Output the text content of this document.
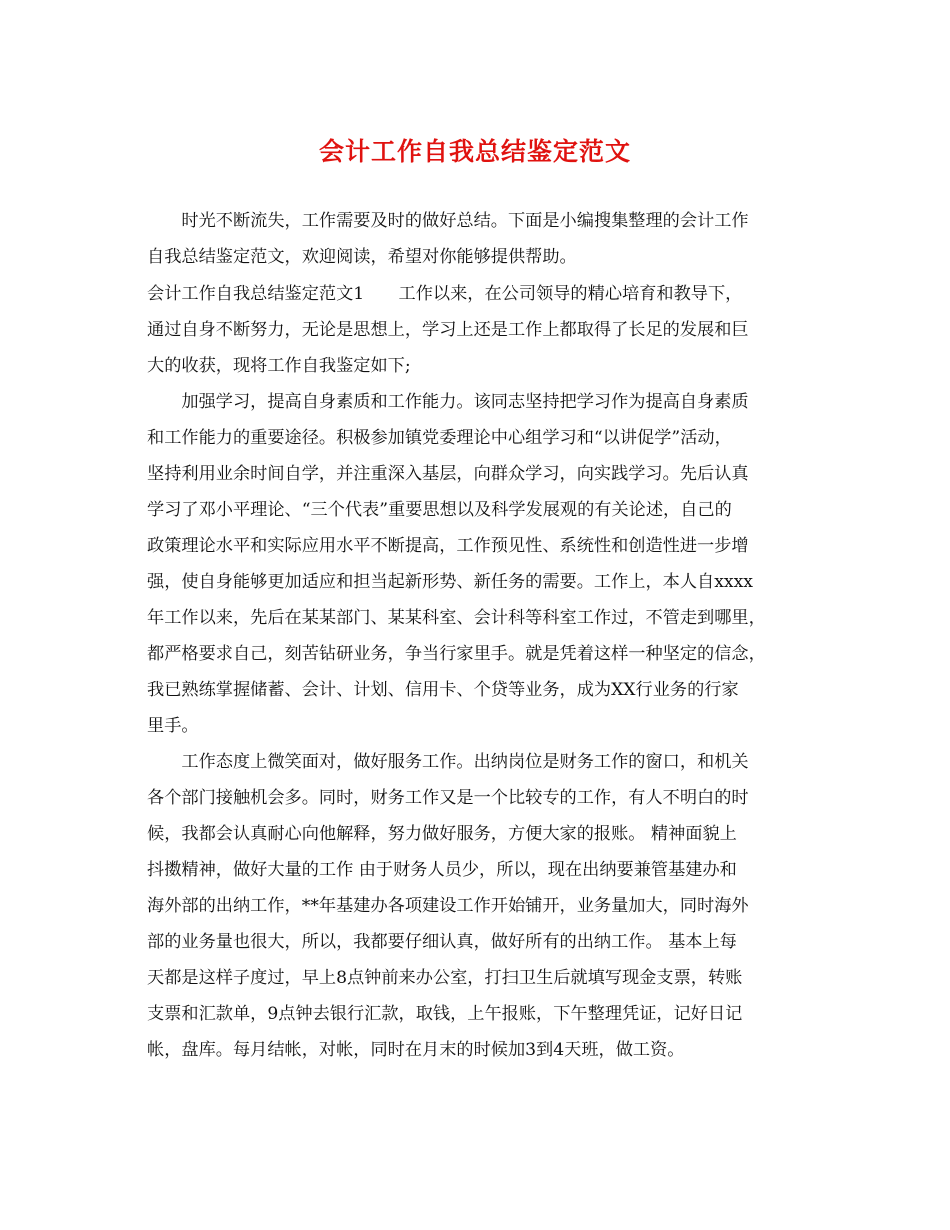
会计工作自我总结鉴定范文
　　时光不断流失，工作需要及时的做好总结。下面是小编搜集整理的会计工作
自我总结鉴定范文，欢迎阅读，希望对你能够提供帮助。
会计工作自我总结鉴定范文1　　工作以来，在公司领导的精心培育和教导下，
通过自身不断努力，无论是思想上，学习上还是工作上都取得了长足的发展和巨
大的收获，现将工作自我鉴定如下;
　　加强学习，提高自身素质和工作能力。该同志坚持把学习作为提高自身素质
和工作能力的重要途径。积极参加镇党委理论中心组学习和“以讲促学”活动，
坚持利用业余时间自学，并注重深入基层，向群众学习，向实践学习。先后认真
学习了邓小平理论、“三个代表”重要思想以及科学发展观的有关论述，自己的
政策理论水平和实际应用水平不断提高，工作预见性、系统性和创造性进一步增
强，使自身能够更加适应和担当起新形势、新任务的需要。工作上，本人自xxxx
年工作以来，先后在某某部门、某某科室、会计科等科室工作过，不管走到哪里，
都严格要求自己，刻苦钻研业务，争当行家里手。就是凭着这样一种坚定的信念，
我已熟练掌握储蓄、会计、计划、信用卡、个贷等业务，成为XX行业务的行家
里手。
　　工作态度上微笑面对，做好服务工作。出纳岗位是财务工作的窗口，和机关
各个部门接触机会多。同时，财务工作又是一个比较专的工作，有人不明白的时
候，我都会认真耐心向他解释，努力做好服务，方便大家的报账。 精神面貌上
抖擞精神，做好大量的工作 由于财务人员少，所以，现在出纳要兼管基建办和
海外部的出纳工作，**年基建办各项建设工作开始铺开，业务量加大，同时海外
部的业务量也很大，所以，我都要仔细认真，做好所有的出纳工作。 基本上每
天都是这样子度过，早上8点钟前来办公室，打扫卫生后就填写现金支票，转账
支票和汇款单，9点钟去银行汇款，取钱，上午报账，下午整理凭证，记好日记
帐，盘库。每月结帐，对帐，同时在月末的时候加3到4天班，做工资。
